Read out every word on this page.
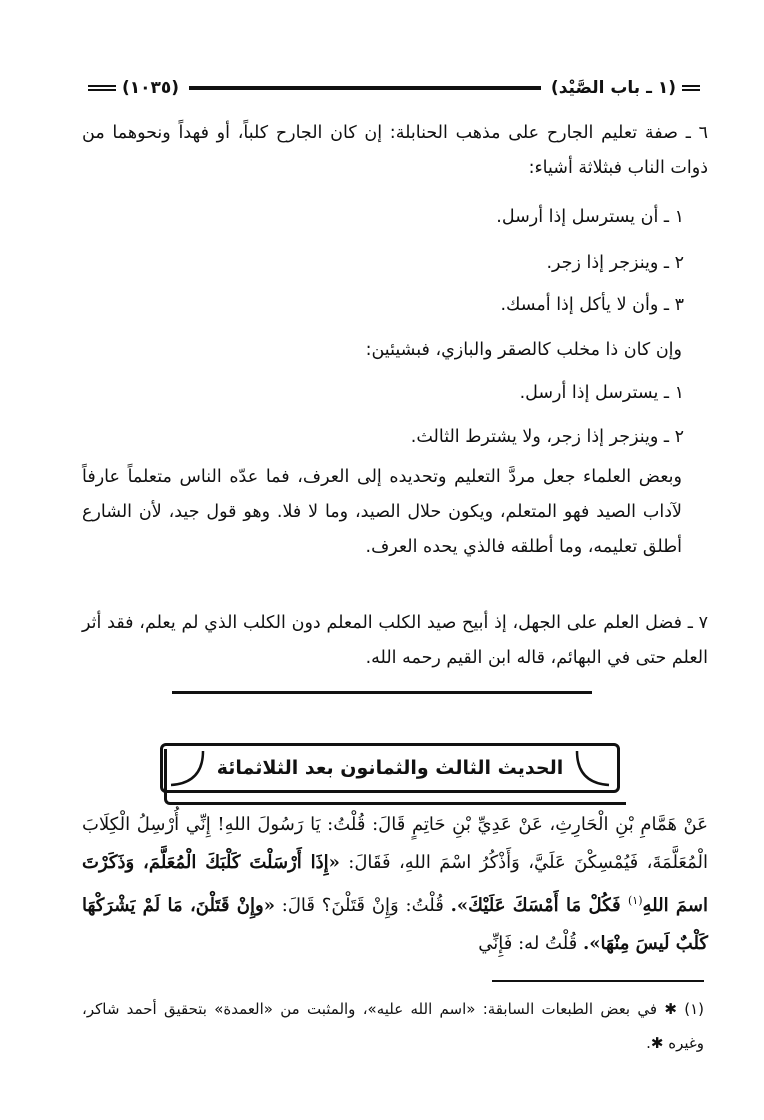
(١ ـ باب الصَّيْد)
(١٠٣٥)
٦ ـ صفة تعليم الجارح على مذهب الحنابلة: إن كان الجارح كلباً، أو فهداً ونحوهما من ذوات الناب فبثلاثة أشياء:
١ ـ أن يسترسل إذا أرسل.
٢ ـ وينزجر إذا زجر.
٣ ـ وأن لا يأكل إذا أمسك.
وإن كان ذا مخلب كالصقر والبازي، فبشيئين:
١ ـ يسترسل إذا أرسل.
٢ ـ وينزجر إذا زجر، ولا يشترط الثالث.
وبعض العلماء جعل مردَّ التعليم وتحديده إلى العرف، فما عدّه الناس متعلماً عارفاً لآداب الصيد فهو المتعلم، ويكون حلال الصيد، وما لا فلا. وهو قول جيد، لأن الشارع أطلق تعليمه، وما أطلقه فالذي يحده العرف.
٧ ـ فضل العلم على الجهل، إذ أبيح صيد الكلب المعلم دون الكلب الذي لم يعلم، فقد أثر العلم حتى في البهائم، قاله ابن القيم رحمه الله.
الحديث الثالث والثمانون بعد الثلاثمائة
عَنْ هَمَّامِ بْنِ الْحَارِثِ، عَنْ عَدِيِّ بْنِ حَاتِمٍ قَالَ: قُلْتُ: يَا رَسُولَ اللهِ! إِنِّي أُرْسِلُ الْكِلَابَ الْمُعَلَّمَةَ، فَيُمْسِكْنَ عَلَيَّ، وَأَذْكُرُ اسْمَ اللهِ، فَقَالَ: «إِذَا أَرْسَلْتَ كَلْبَكَ الْمُعَلَّمَ، وَذَكَرْتَ اسمَ اللهِ$^{(١)}$ فَكُلْ مَا أَمْسَكَ عَلَيْكَ». قُلْتُ: وَإِنْ قَتَلْنَ؟ قَالَ: «وإِنْ قَتَلْنَ، مَا لَمْ يَشْرَكْهَا كَلْبٌ لَيسَ مِنْهَا». قُلْتُ له: فَإِنِّي
(١) ✱ في بعض الطبعات السابقة: «اسم الله عليه»، والمثبت من «العمدة» بتحقيق أحمد شاكر، وغيره ✱.
